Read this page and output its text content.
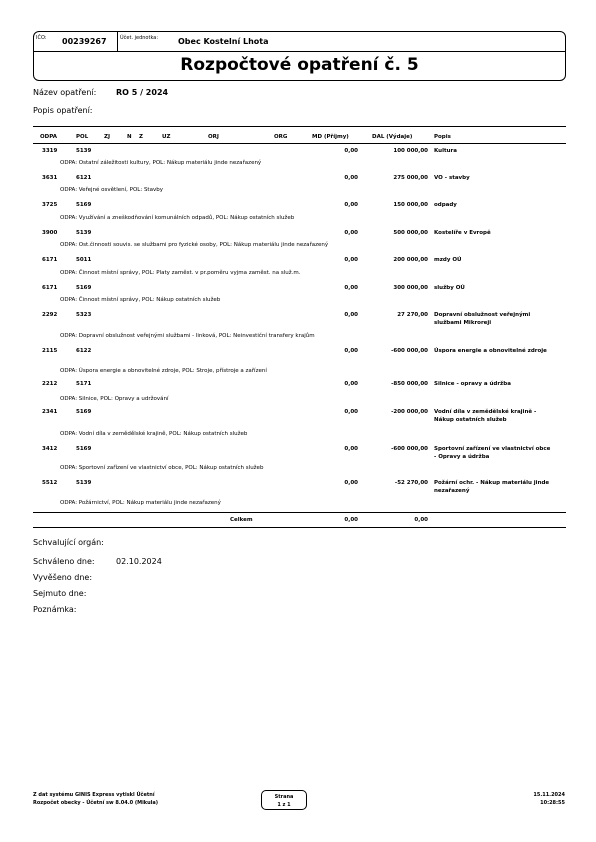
IČO: 00239267	Účet. jednotka: Obec Kostelní Lhota
Rozpočtové opatření č. 5
Název opatření: RO 5 / 2024
Popis opatření:
ODPA	POL	ZJ	N Z	UZ	ORJ	ORG	MD (Příjmy)	DAL (Výdaje)	Popis
3319	5139	0,00	100 000,00 Kultura
ODPA: Ostatní záležitosti kultury, POL: Nákup materiálu jinde nezařazený
3631	6121	0,00	275 000,00 VO - stavby
ODPA: Veřejné osvětlení, POL: Stavby
3725	5169	0,00	150 000,00 odpady
ODPA: Využívání a zneškodňování komunálních odpadů, POL: Nákup ostatních služeb
3900	5139	0,00	500 000,00 Kostelíře v Evropě
ODPA: Ost.činnosti souvis. se službami pro fyzické osoby, POL: Nákup materiálu jinde nezařazený
6171	5011	0,00	200 000,00 mzdy OÚ
ODPA: Činnost místní správy, POL: Platy zaměst. v pr.poměru vyjma zaměst. na služ.m.
6171	5169	0,00	300 000,00 služby OÚ
ODPA: Činnost místní správy, POL: Nákup ostatních služeb
2292	5323	0,00	27 270,00 Dopravní obslužnost veřejnými službami Mikroreji
ODPA: Dopravní obslužnost veřejnými službami - linková, POL: Neinvestiční transfery krajům
2115	6122	0,00	-600 000,00 Úspora energie a obnovitelné zdroje
ODPA: Úspora energie a obnovitelné zdroje, POL: Stroje, přístroje a zařízení
2212	5171	0,00	-850 000,00 Silnice - opravy a údržba
ODPA: Silnice, POL: Opravy a udržování
2341	5169	0,00	-200 000,00 Vodní díla v zemědělské krajině - Nákup ostatních služeb
ODPA: Vodní díla v zemědělské krajině, POL: Nákup ostatních služeb
3412	5169	0,00	-600 000,00 Sportovní zařízení ve vlastnictví obce - Opravy a údržba
ODPA: Sportovní zařízení ve vlastnictví obce, POL: Nákup ostatních služeb
5512	5139	0,00	-52 270,00 Požární ochr. - Nákup materiálu jinde nezařazený
ODPA: Požárnictví, POL: Nákup materiálu jinde nezařazený
Celkem	0,00	0,00
Schvalující orgán:
Schváleno dne:	02.10.2024
Vyvěšeno dne:
Sejmuto dne:
Poznámka:
Z dat systému GINIS Express vytiskl Účetní
Rozpočet obecky - Účetní sw 8.04.0 (Mikula)
Strana
1 z 1
15.11.2024
10:28:55
